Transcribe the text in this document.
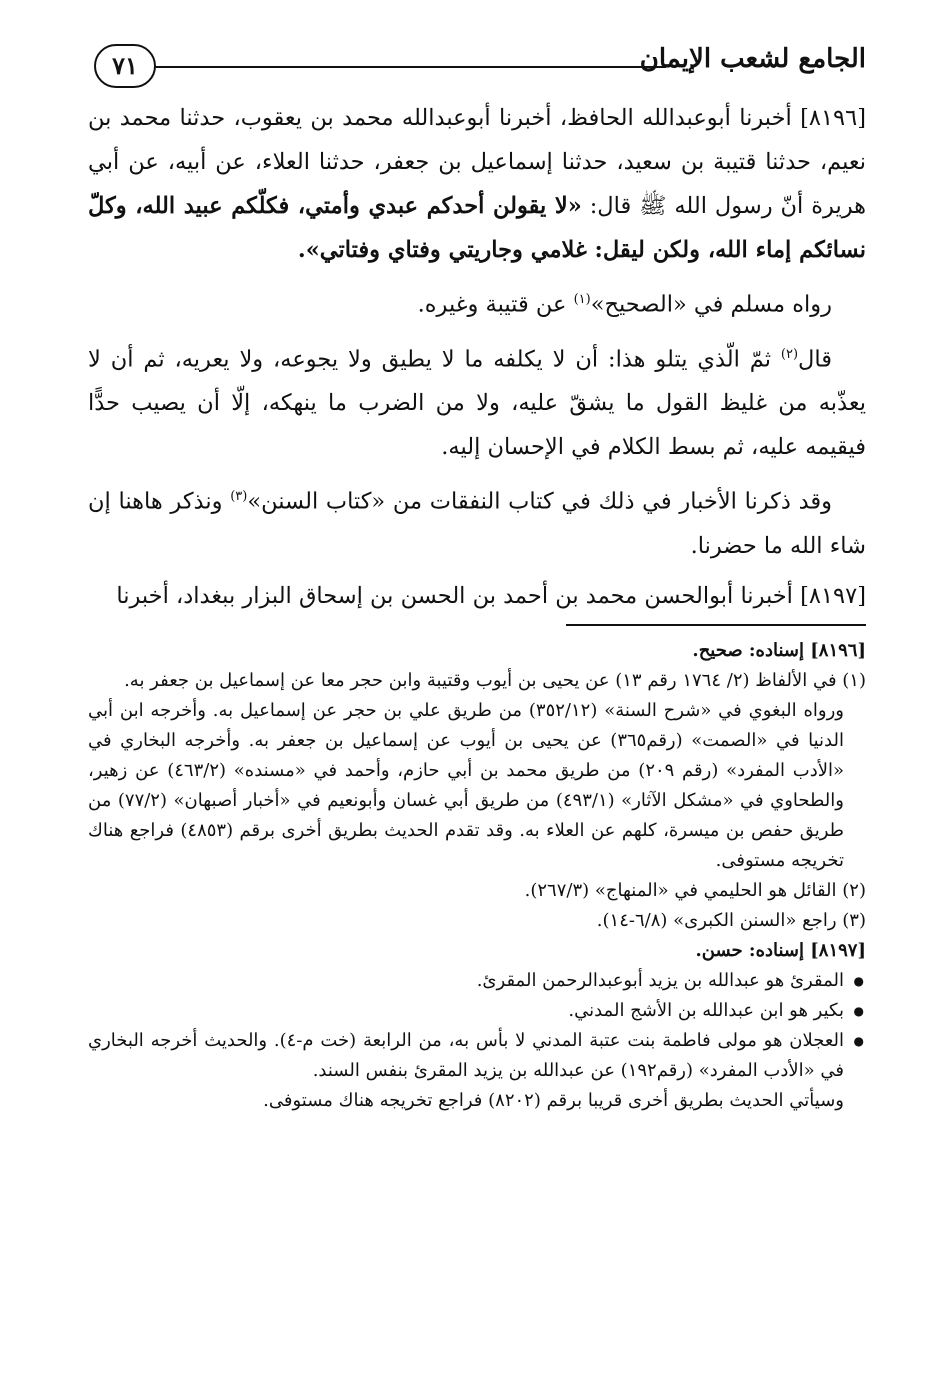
الجامع لشعب الإيمان
٧١

[٨١٩٦] أخبرنا أبوعبدالله الحافظ، أخبرنا أبوعبدالله محمد بن يعقوب، حدثنا محمد بن نعيم، حدثنا قتيبة بن سعيد، حدثنا إسماعيل بن جعفر، حدثنا العلاء، عن أبيه، عن أبي هريرة أنّ رسول الله ﷺ قال: «لا يقولن أحدكم عبدي وأمتي، فكلّكم عبيد الله، وكلّ نسائكم إماء الله، ولكن ليقل: غلامي وجاريتي وفتاي وفتاتي».

رواه مسلم في «الصحيح»$^{(١)}$ عن قتيبة وغيره.

قال$^{(٢)}$ ثمّ الّذي يتلو هذا: أن لا يكلفه ما لا يطيق ولا يجوعه، ولا يعريه، ثم أن لا يعذّبه من غليظ القول ما يشقّ عليه، ولا من الضرب ما ينهكه، إلّا أن يصيب حدًّا فيقيمه عليه، ثم بسط الكلام في الإحسان إليه.

وقد ذكرنا الأخبار في ذلك في كتاب النفقات من «كتاب السنن»$^{(٣)}$ ونذكر هاهنا إن شاء الله ما حضرنا.

[٨١٩٧] أخبرنا أبوالحسن محمد بن أحمد بن الحسن بن إسحاق البزار ببغداد، أخبرنا

[٨١٩٦] إسناده: صحيح.

(١) في الألفاظ (٢/ ١٧٦٤ رقم ١٣) عن يحيى بن أيوب وقتيبة وابن حجر معا عن إسماعيل بن جعفر به.

ورواه البغوي في «شرح السنة» (٣٥٢/١٢) من طريق علي بن حجر عن إسماعيل به. وأخرجه ابن أبي الدنيا في «الصمت» (رقم٣٦٥) عن يحيى بن أيوب عن إسماعيل بن جعفر به. وأخرجه البخاري في «الأدب المفرد» (رقم ٢٠٩) من طريق محمد بن أبي حازم، وأحمد في «مسنده» (٤٦٣/٢) عن زهير، والطحاوي في «مشكل الآثار» (٤٩٣/١) من طريق أبي غسان وأبونعيم في «أخبار أصبهان» (٧٧/٢) من طريق حفص بن ميسرة، كلهم عن العلاء به. وقد تقدم الحديث بطريق أخرى برقم (٤٨٥٣) فراجع هناك تخريجه مستوفى.

(٢) القائل هو الحليمي في «المنهاج» (٢٦٧/٣).

(٣) راجع «السنن الكبرى» (٦/٨-١٤).

[٨١٩٧] إسناده: حسن.

● المقرئ هو عبدالله بن يزيد أبوعبدالرحمن المقرئ.
● بكير هو ابن عبدالله بن الأشج المدني.
● العجلان هو مولى فاطمة بنت عتبة المدني لا بأس به، من الرابعة (خت م-٤). والحديث أخرجه البخاري في «الأدب المفرد» (رقم١٩٢) عن عبدالله بن يزيد المقرئ بنفس السند.

وسيأتي الحديث بطريق أخرى قريبا برقم (٨٢٠٢) فراجع تخريجه هناك مستوفى.
